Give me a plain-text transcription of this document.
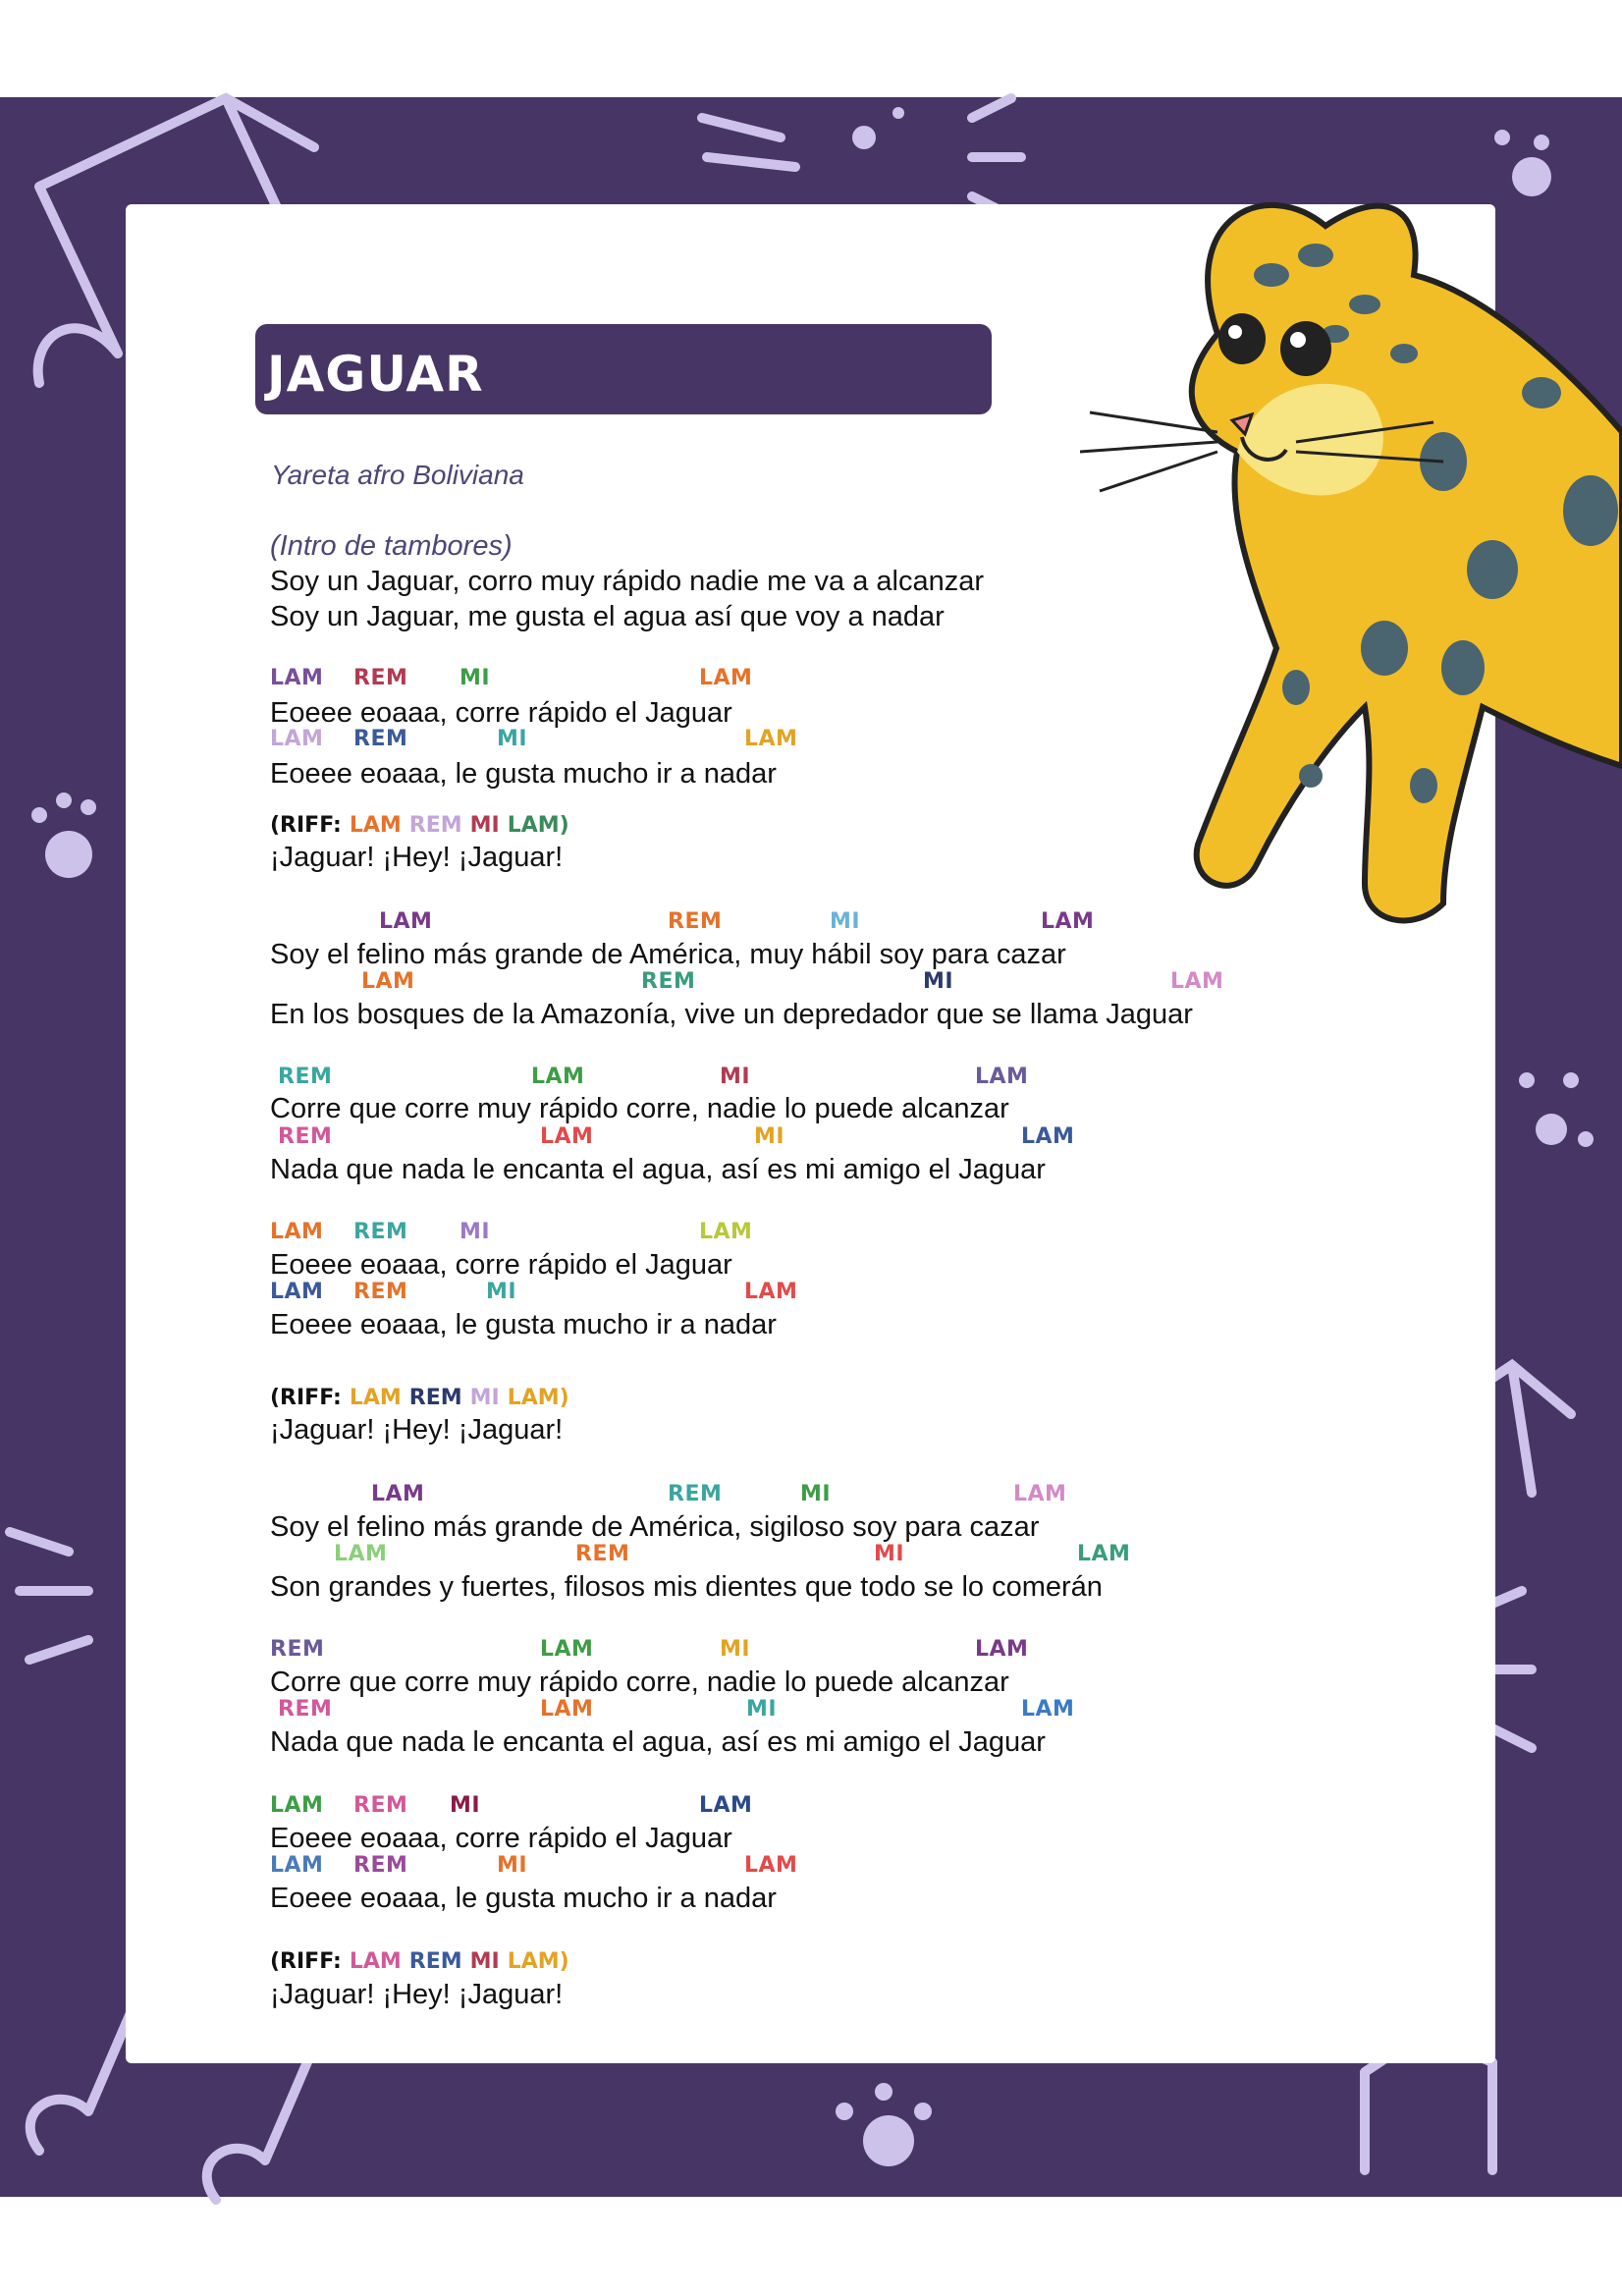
JAGUAR
Yareta afro Boliviana
(Intro de tambores)
Soy un Jaguar, corro muy rápido nadie me va a alcanzar
Soy un Jaguar, me gusta el agua así que voy a nadar
LAM REM MI	LAM
Eoeee eoaaa, corre rápido el Jaguar
LAM REM	MI	LAM
Eoeee eoaaa, le gusta mucho ir a nadar
(RIFF: LAM REM MI LAM)
¡Jaguar! ¡Hey! ¡Jaguar!
LAM	REM	MI	LAM
Soy el felino más grande de América, muy hábil soy para cazar
LAM	REM	MI	LAM
En los bosques de la Amazonía, vive un depredador que se llama Jaguar
REM	LAM	MI	LAM
Corre que corre muy rápido corre, nadie lo puede alcanzar
REM	LAM	MI	LAM
Nada que nada le encanta el agua, así es mi amigo el Jaguar
LAM REM MI	LAM
Eoeee eoaaa, corre rápido el Jaguar
LAM REM	MI	LAM
Eoeee eoaaa, le gusta mucho ir a nadar
(RIFF: LAM REM MI LAM)
¡Jaguar! ¡Hey! ¡Jaguar!
LAM	REM	MI	LAM
Soy el felino más grande de América, sigiloso soy para cazar
LAM	REM	MI	LAM
Son grandes y fuertes, filosos mis dientes que todo se lo comerán
REM	LAM	MI	LAM
Corre que corre muy rápido corre, nadie lo puede alcanzar
REM	LAM	MI	LAM
Nada que nada le encanta el agua, así es mi amigo el Jaguar
LAM REM MI	LAM
Eoeee eoaaa, corre rápido el Jaguar
LAM REM	MI	LAM
Eoeee eoaaa, le gusta mucho ir a nadar
(RIFF: LAM REM MI LAM)
¡Jaguar! ¡Hey! ¡Jaguar!
